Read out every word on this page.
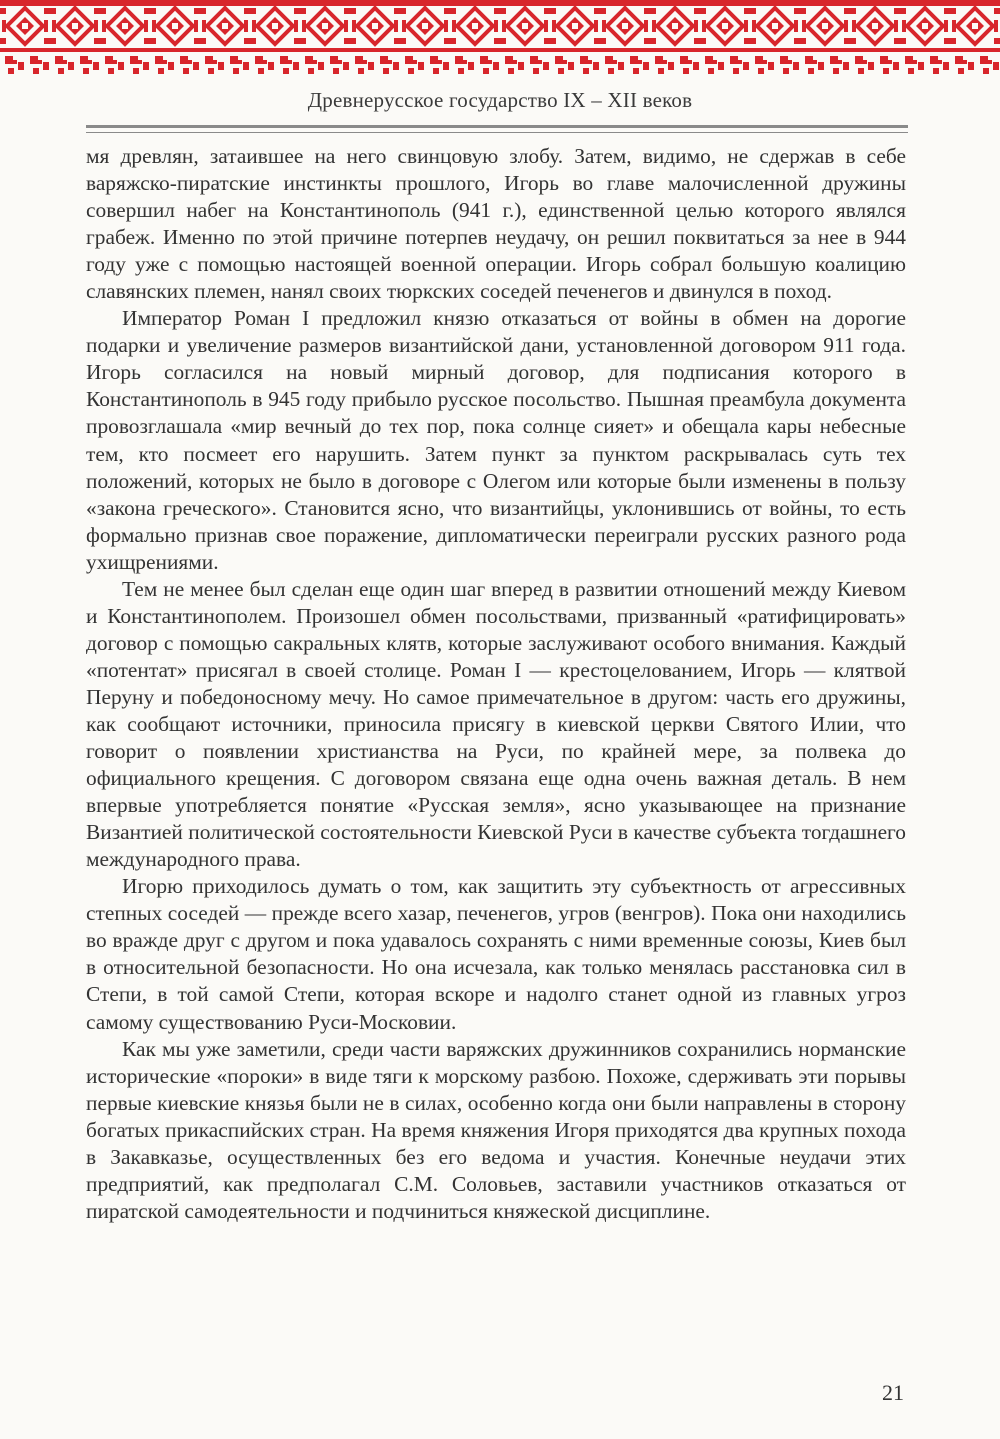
Древнерусское государство IX – XII веков

мя древлян, затаившее на него свинцовую злобу. Затем, видимо, не сдержав в себе варяжско-пиратские инстинкты прошлого, Игорь во главе малочисленной дружины совершил набег на Константинополь (941 г.), единственной целью которого являлся грабеж. Именно по этой причине потерпев неудачу, он решил поквитаться за нее в 944 году уже с помощью настоящей военной операции. Игорь собрал большую коалицию славянских племен, нанял своих тюркских соседей печенегов и двинулся в поход.

Император Роман I предложил князю отказаться от войны в обмен на дорогие подарки и увеличение размеров византийской дани, установленной договором 911 года. Игорь согласился на новый мирный договор, для подписания которого в Константинополь в 945 году прибыло русское посольство. Пышная преамбула документа провозглашала «мир вечный до тех пор, пока солнце сияет» и обещала кары небесные тем, кто посмеет его нарушить. Затем пункт за пунктом раскрывалась суть тех положений, которых не было в договоре с Олегом или которые были изменены в пользу «закона греческого». Становится ясно, что византийцы, уклонившись от войны, то есть формально признав свое поражение, дипломатически переиграли русских разного рода ухищрениями.

Тем не менее был сделан еще один шаг вперед в развитии отношений между Киевом и Константинополем. Произошел обмен посольствами, призванный «ратифицировать» договор с помощью сакральных клятв, которые заслуживают особого внимания. Каждый «потентат» присягал в своей столице. Роман I — крестоцелованием, Игорь — клятвой Перуну и победоносному мечу. Но самое примечательное в другом: часть его дружины, как сообщают источники, приносила присягу в киевской церкви Святого Илии, что говорит о появлении христианства на Руси, по крайней мере, за полвека до официального крещения. С договором связана еще одна очень важная деталь. В нем впервые употребляется понятие «Русская земля», ясно указывающее на признание Византией политической состоятельности Киевской Руси в качестве субъекта тогдашнего международного права.

Игорю приходилось думать о том, как защитить эту субъектность от агрессивных степных соседей — прежде всего хазар, печенегов, угров (венгров). Пока они находились во вражде друг с другом и пока удавалось сохранять с ними временные союзы, Киев был в относительной безопасности. Но она исчезала, как только менялась расстановка сил в Степи, в той самой Степи, которая вскоре и надолго станет одной из главных угроз самому существованию Руси-Московии.

Как мы уже заметили, среди части варяжских дружинников сохранились норманские исторические «пороки» в виде тяги к морскому разбою. Похоже, сдерживать эти порывы первые киевские князья были не в силах, особенно когда они были направлены в сторону богатых прикаспийских стран. На время княжения Игоря приходятся два крупных похода в Закавказье, осуществленных без его ведома и участия. Конечные неудачи этих предприятий, как предполагал С.М. Соловьев, заставили участников отказаться от пиратской самодеятельности и подчиниться княжеской дисциплине.

21
